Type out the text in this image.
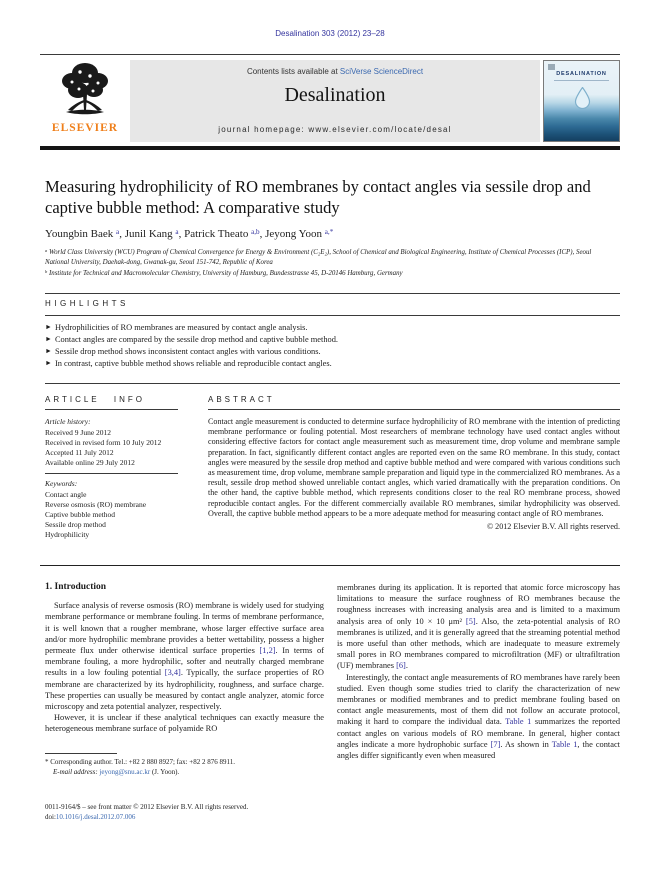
Desalination 303 (2012) 23–28
ELSEVIER
Contents lists available at SciVerse ScienceDirect
Desalination
journal homepage: www.elsevier.com/locate/desal
DESALINATION
Measuring hydrophilicity of RO membranes by contact angles via sessile drop and captive bubble method: A comparative study
Youngbin Baek $^a$, Junil Kang $^a$, Patrick Theato $^{a,b}$, Jeyong Yoon $^{a,*}$
$^a$ World Class University (WCU) Program of Chemical Convergence for Energy & Environment (C₂E₂), School of Chemical and Biological Engineering, Institute of Chemical Processes (ICP), Seoul National University, Daehak-dong, Gwanak-gu, Seoul 151-742, Republic of Korea
$^b$ Institute for Technical and Macromolecular Chemistry, University of Hamburg, Bundesstrasse 45, D-20146 Hamburg, Germany
HIGHLIGHTS
► Hydrophilicities of RO membranes are measured by contact angle analysis.
► Contact angles are compared by the sessile drop method and captive bubble method.
► Sessile drop method shows inconsistent contact angles with various conditions.
► In contrast, captive bubble method shows reliable and reproducible contact angles.
ARTICLE INFO
Article history:
Received 9 June 2012
Received in revised form 10 July 2012
Accepted 11 July 2012
Available online 29 July 2012
Keywords:
Contact angle
Reverse osmosis (RO) membrane
Captive bubble method
Sessile drop method
Hydrophilicity
ABSTRACT
Contact angle measurement is conducted to determine surface hydrophilicity of RO membrane with the intention of predicting membrane performance or fouling potential. Most researchers of membrane technology have used contact angles without considering effective factors for contact angle measurement such as measurement time, drop volume and membrane sample preparation. In fact, significantly different contact angles are reported even on the same RO membrane. In this study, contact angles were measured by the sessile drop method and captive bubble method and were compared with various conditions such as measurement time, drop volume, membrane sample preparation and liquid type in the commercialized RO membranes. As a result, sessile drop method showed unreliable contact angles, which varied dramatically with the preparation conditions. On the other hand, the captive bubble method, which represents conditions closer to the real RO membrane process, showed reproducible contact angles. For the different commercially available RO membranes, similar hydrophilicity was observed. Overall, the captive bubble method appears to be a more adequate method for measuring contact angle of RO membranes.
© 2012 Elsevier B.V. All rights reserved.
1. Introduction

Surface analysis of reverse osmosis (RO) membrane is widely used for studying membrane performance or membrane fouling. In terms of membrane performance, it is well known that a rougher membrane, whose larger effective surface area and/or more hydrophilic membrane provides a better wettability, possess a higher permeate flux under otherwise identical surface properties [1,2]. In terms of membrane fouling, a more hydrophilic, softer and neutrally charged membrane results in a low fouling potential [3,4]. Typically, the surface properties of RO membrane are characterized by its hydrophilicity, roughness, and surface charge. These properties can usually be measured by contact angle analyzer, atomic force microscopy and zeta potential analyzer, respectively.

However, it is unclear if these analytical techniques can exactly measure the heterogeneous membrane surface of polyamide RO

membranes during its application. It is reported that atomic force microscopy has limitations to measure the surface roughness of RO membranes because the roughness increases with increasing analysis area and is limited to a maximum analysis area of only 10 × 10 μm² [5]. Also, the zeta-potential analysis of RO membranes is utilized, and it is generally agreed that the streaming potential method is more useful than other methods, which are inadequate to measure extremely small pores in RO membranes compared to microfiltration (MF) or ultrafiltration (UF) membranes [6].

Interestingly, the contact angle measurements of RO membranes have rarely been studied. Even though some studies tried to clarify the characterization of new membranes or modified membranes and to predict membrane fouling based on contact angle measurements, most of them did not follow an accurate protocol, making it hard to compare the individual data. Table 1 summarizes the reported contact angles on various models of RO membrane. In general, higher contact angles indicate a more hydrophobic surface [7]. As shown in Table 1, the contact angles differ significantly even when measured

* Corresponding author. Tel.: +82 2 880 8927; fax: +82 2 876 8911.
E-mail address: jeyong@snu.ac.kr (J. Yoon).
0011-9164/$ – see front matter © 2012 Elsevier B.V. All rights reserved.
doi:10.1016/j.desal.2012.07.006
